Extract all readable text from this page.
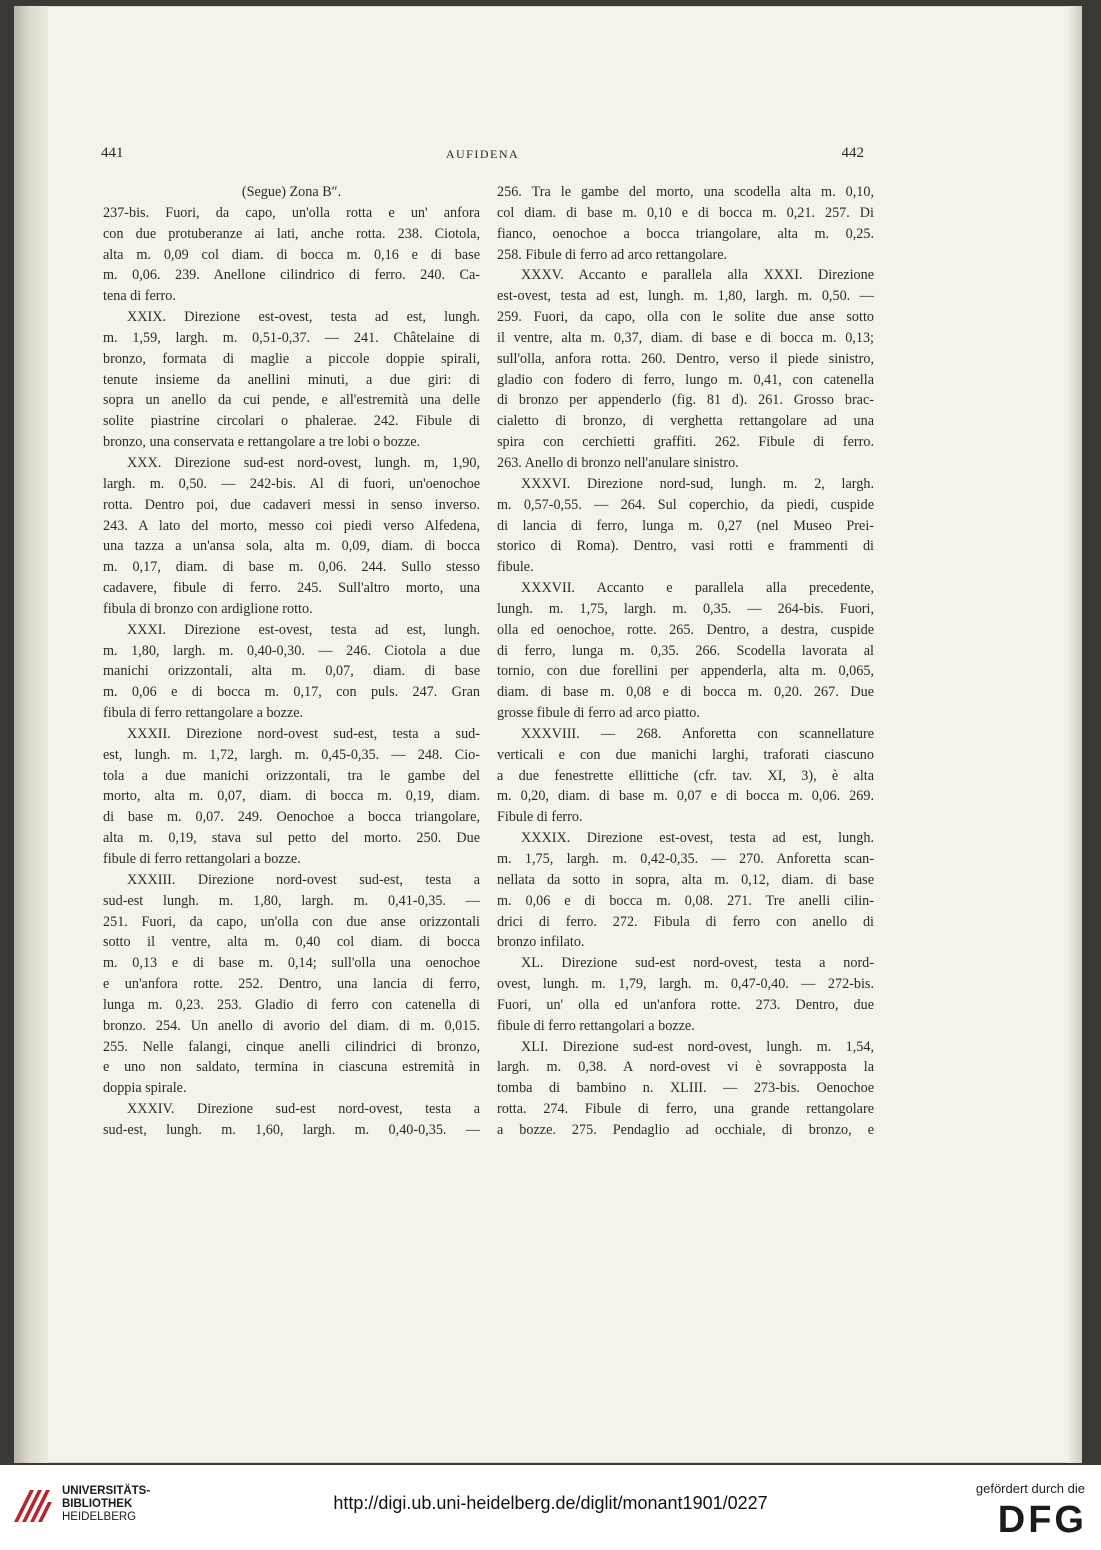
441	AUFIDENA	442
(Segue) Zona B″.
237-bis. Fuori, da capo, un'olla rotta e un' anfora
con due protuberanze ai lati, anche rotta. 238. Ciotola,
alta m. 0,09 col diam. di bocca m. 0,16 e di base
m. 0,06. 239. Anellone cilindrico di ferro. 240. Ca-
tena di ferro.
XXIX. Direzione est-ovest, testa ad est, lungh.
m. 1,59, largh. m. 0,51-0,37. — 241. Châtelaine di
bronzo, formata di maglie a piccole doppie spirali,
tenute insieme da anellini minuti, a due giri: di
sopra un anello da cui pende, e all'estremità una delle
solite piastrine circolari o phalerae. 242. Fibule di
bronzo, una conservata e rettangolare a tre lobi o bozze.
XXX. Direzione sud-est nord-ovest, lungh. m, 1,90,
largh. m. 0,50. — 242-bis. Al di fuori, un'oenochoe
rotta. Dentro poi, due cadaveri messi in senso inverso.
243. A lato del morto, messo coi piedi verso Alfedena,
una tazza a un'ansa sola, alta m. 0,09, diam. di bocca
m. 0,17, diam. di base m. 0,06. 244. Sullo stesso
cadavere, fibule di ferro. 245. Sull'altro morto, una
fibula di bronzo con ardiglione rotto.
XXXI. Direzione est-ovest, testa ad est, lungh.
m. 1,80, largh. m. 0,40-0,30. — 246. Ciotola a due
manichi orizzontali, alta m. 0,07, diam. di base
m. 0,06 e di bocca m. 0,17, con puls. 247. Gran
fibula di ferro rettangolare a bozze.
XXXII. Direzione nord-ovest sud-est, testa a sud-
est, lungh. m. 1,72, largh. m. 0,45-0,35. — 248. Cio-
tola a due manichi orizzontali, tra le gambe del
morto, alta m. 0,07, diam. di bocca m. 0,19, diam.
di base m. 0,07. 249. Oenochoe a bocca triangolare,
alta m. 0,19, stava sul petto del morto. 250. Due
fibule di ferro rettangolari a bozze.
XXXIII. Direzione nord-ovest sud-est, testa a
sud-est lungh. m. 1,80, largh. m. 0,41-0,35. —
251. Fuori, da capo, un'olla con due anse orizzontali
sotto il ventre, alta m. 0,40 col diam. di bocca
m. 0,13 e di base m. 0,14; sull'olla una oenochoe
e un'anfora rotte. 252. Dentro, una lancia di ferro,
lunga m. 0,23. 253. Gladio di ferro con catenella di
bronzo. 254. Un anello di avorio del diam. di m. 0,015.
255. Nelle falangi, cinque anelli cilindrici di bronzo,
e uno non saldato, termina in ciascuna estremità in
doppia spirale.
XXXIV. Direzione sud-est nord-ovest, testa a
sud-est, lungh. m. 1,60, largh. m. 0,40-0,35. —
256. Tra le gambe del morto, una scodella alta m. 0,10,
col diam. di base m. 0,10 e di bocca m. 0,21. 257. Di
fianco, oenochoe a bocca triangolare, alta m. 0,25.
258. Fibule di ferro ad arco rettangolare.
XXXV. Accanto e parallela alla XXXI. Direzione
est-ovest, testa ad est, lungh. m. 1,80, largh. m. 0,50. —
259. Fuori, da capo, olla con le solite due anse sotto
il ventre, alta m. 0,37, diam. di base e di bocca m. 0,13;
sull'olla, anfora rotta. 260. Dentro, verso il piede sinistro,
gladio con fodero di ferro, lungo m. 0,41, con catenella
di bronzo per appenderlo (fig. 81 d). 261. Grosso brac-
cialetto di bronzo, di verghetta rettangolare ad una
spira con cerchietti graffiti. 262. Fibule di ferro.
263. Anello di bronzo nell'anulare sinistro.
XXXVI. Direzione nord-sud, lungh. m. 2, largh.
m. 0,57-0,55. — 264. Sul coperchio, da piedi, cuspide
di lancia di ferro, lunga m. 0,27 (nel Museo Prei-
storico di Roma). Dentro, vasi rotti e frammenti di
fibule.
XXXVII. Accanto e parallela alla precedente,
lungh. m. 1,75, largh. m. 0,35. — 264-bis. Fuori,
olla ed oenochoe, rotte. 265. Dentro, a destra, cuspide
di ferro, lunga m. 0,35. 266. Scodella lavorata al
tornio, con due forellini per appenderla, alta m. 0,065,
diam. di base m. 0,08 e di bocca m. 0,20. 267. Due
grosse fibule di ferro ad arco piatto.
XXXVIII. — 268. Anforetta con scannellature
verticali e con due manichi larghi, traforati ciascuno
a due fenestrette ellittiche (cfr. tav. XI, 3), è alta
m. 0,20, diam. di base m. 0,07 e di bocca m. 0,06. 269.
Fibule di ferro.
XXXIX. Direzione est-ovest, testa ad est, lungh.
m. 1,75, largh. m. 0,42-0,35. — 270. Anforetta scan-
nellata da sotto in sopra, alta m. 0,12, diam. di base
m. 0,06 e di bocca m. 0,08. 271. Tre anelli cilin-
drici di ferro. 272. Fibula di ferro con anello di
bronzo infilato.
XL. Direzione sud-est nord-ovest, testa a nord-
ovest, lungh. m. 1,79, largh. m. 0,47-0,40. — 272-bis.
Fuori, un' olla ed un'anfora rotte. 273. Dentro, due
fibule di ferro rettangolari a bozze.
XLI. Direzione sud-est nord-ovest, lungh. m. 1,54,
largh. m. 0,38. A nord-ovest vi è sovrapposta la
tomba di bambino n. XLIII. — 273-bis. Oenochoe
rotta. 274. Fibule di ferro, una grande rettangolare
a bozze. 275. Pendaglio ad occhiale, di bronzo, e
UNIVERSITÄTS-
BIBLIOTHEK
HEIDELBERG
http://digi.ub.uni-heidelberg.de/diglit/monant1901/0227
gefördert durch die
DFG
